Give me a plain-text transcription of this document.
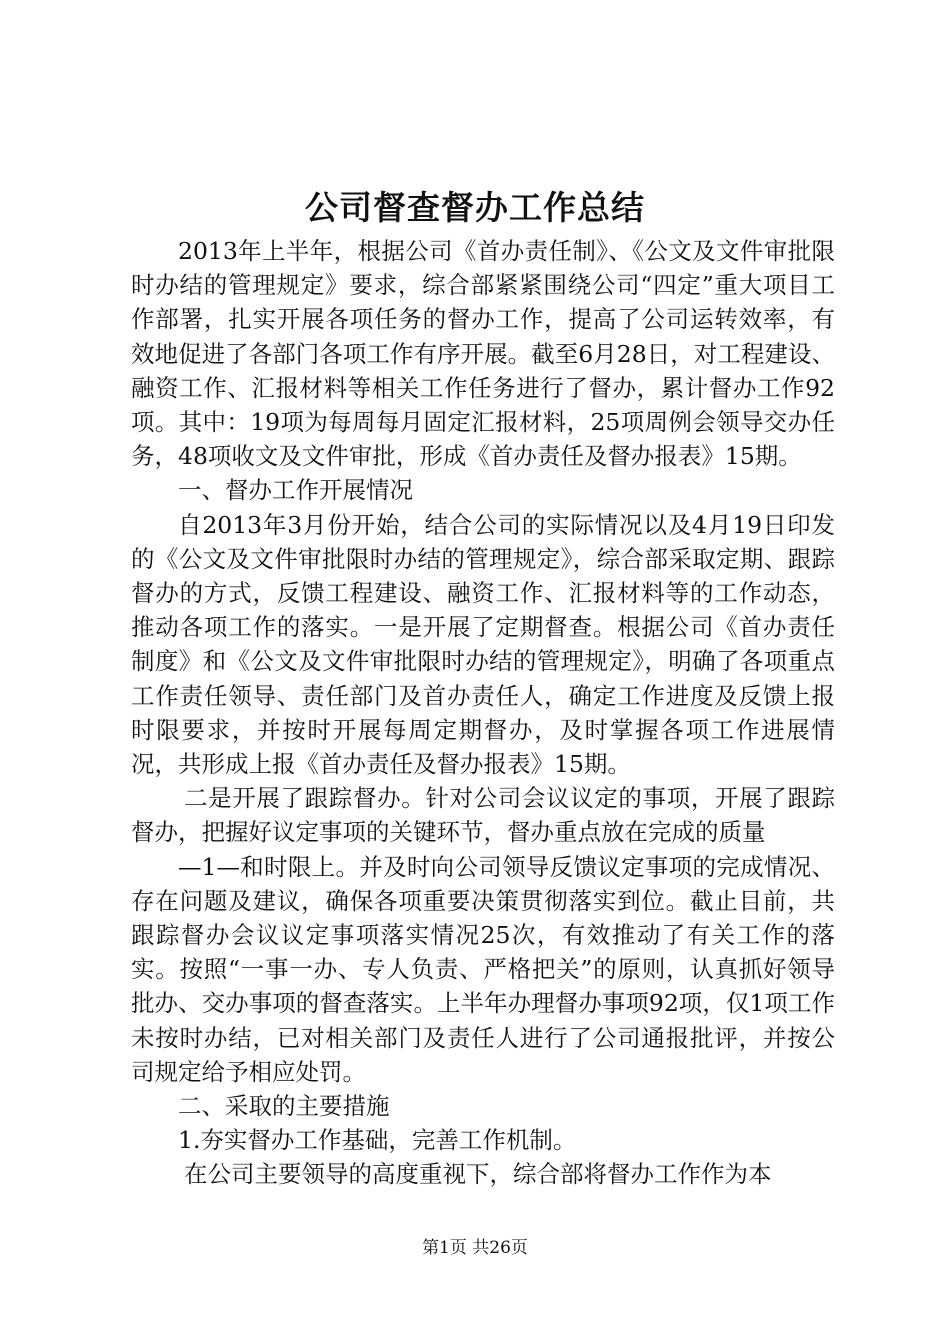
公司督查督办工作总结

2013年上半年，根据公司《首办责任制》、《公文及文件审批限时办结的管理规定》要求，综合部紧紧围绕公司“四定”重大项目工作部署，扎实开展各项任务的督办工作，提高了公司运转效率，有效地促进了各部门各项工作有序开展。截至6月28日，对工程建设、融资工作、汇报材料等相关工作任务进行了督办，累计督办工作92项。其中：19项为每周每月固定汇报材料，25项周例会领导交办任务，48项收文及文件审批，形成《首办责任及督办报表》15期。

一、督办工作开展情况

自2013年3月份开始，结合公司的实际情况以及4月19日印发的《公文及文件审批限时办结的管理规定》，综合部采取定期、跟踪督办的方式，反馈工程建设、融资工作、汇报材料等的工作动态，推动各项工作的落实。一是开展了定期督查。根据公司《首办责任制度》和《公文及文件审批限时办结的管理规定》，明确了各项重点工作责任领导、责任部门及首办责任人，确定工作进度及反馈上报时限要求，并按时开展每周定期督办，及时掌握各项工作进展情况，共形成上报《首办责任及督办报表》15期。

二是开展了跟踪督办。针对公司会议议定的事项，开展了跟踪督办，把握好议定事项的关键环节，督办重点放在完成的质量

—1—和时限上。并及时向公司领导反馈议定事项的完成情况、存在问题及建议，确保各项重要决策贯彻落实到位。截止目前，共跟踪督办会议议定事项落实情况25次，有效推动了有关工作的落实。按照“一事一办、专人负责、严格把关”的原则，认真抓好领导批办、交办事项的督查落实。上半年办理督办事项92项，仅1项工作未按时办结，已对相关部门及责任人进行了公司通报批评，并按公司规定给予相应处罚。

二、采取的主要措施

1.夯实督办工作基础，完善工作机制。

在公司主要领导的高度重视下，综合部将督办工作作为本

第1页 共26页
